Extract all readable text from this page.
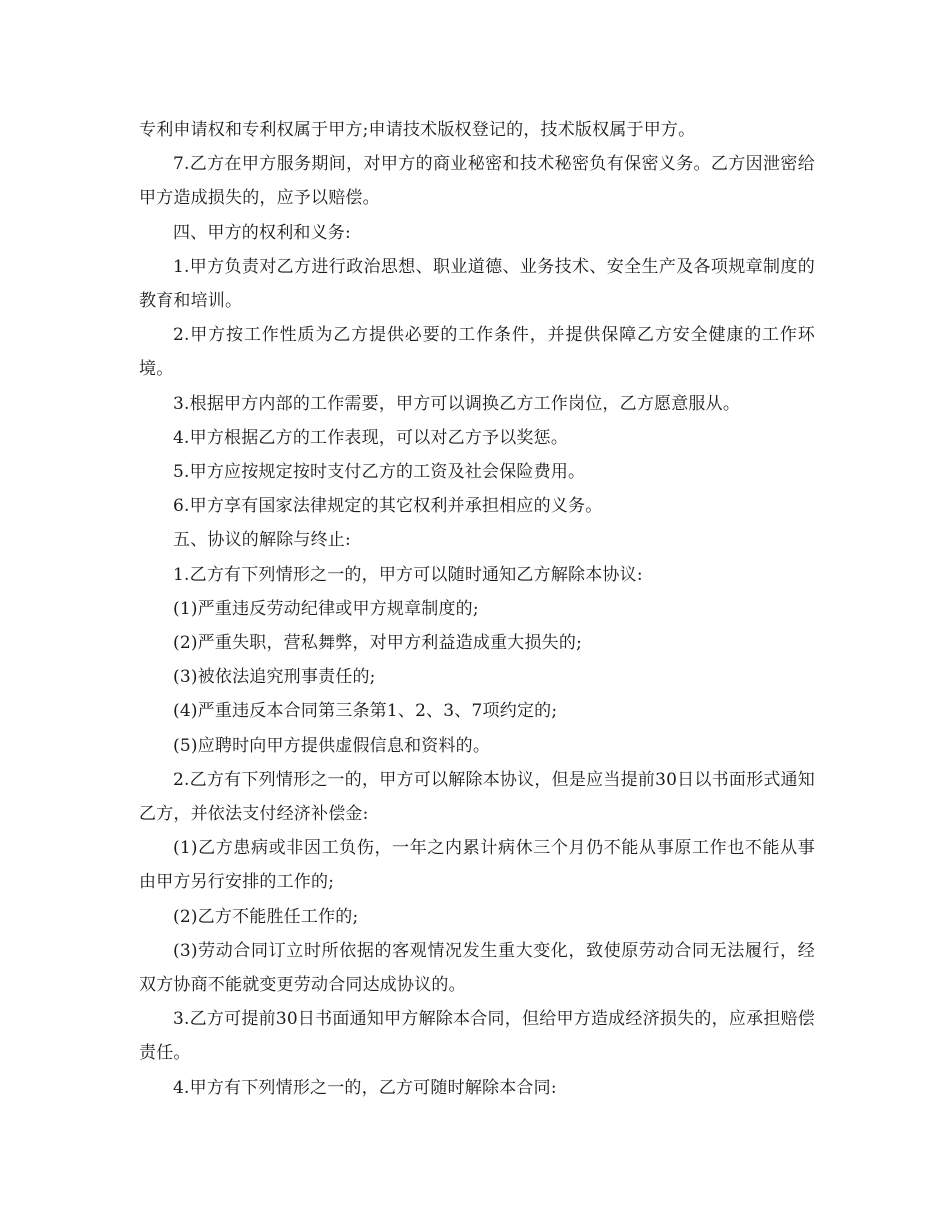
专利申请权和专利权属于甲方;申请技术版权登记的，技术版权属于甲方。

7.乙方在甲方服务期间，对甲方的商业秘密和技术秘密负有保密义务。乙方因泄密给甲方造成损失的，应予以赔偿。

四、甲方的权利和义务:

1.甲方负责对乙方进行政治思想、职业道德、业务技术、安全生产及各项规章制度的教育和培训。

2.甲方按工作性质为乙方提供必要的工作条件，并提供保障乙方安全健康的工作环境。

3.根据甲方内部的工作需要，甲方可以调换乙方工作岗位，乙方愿意服从。

4.甲方根据乙方的工作表现，可以对乙方予以奖惩。

5.甲方应按规定按时支付乙方的工资及社会保险费用。

6.甲方享有国家法律规定的其它权利并承担相应的义务。

五、协议的解除与终止:

1.乙方有下列情形之一的，甲方可以随时通知乙方解除本协议:

(1)严重违反劳动纪律或甲方规章制度的;

(2)严重失职，营私舞弊，对甲方利益造成重大损失的;

(3)被依法追究刑事责任的;

(4)严重违反本合同第三条第1、2、3、7项约定的;

(5)应聘时向甲方提供虚假信息和资料的。

2.乙方有下列情形之一的，甲方可以解除本协议，但是应当提前30日以书面形式通知乙方，并依法支付经济补偿金:

(1)乙方患病或非因工负伤，一年之内累计病休三个月仍不能从事原工作也不能从事由甲方另行安排的工作的;

(2)乙方不能胜任工作的;

(3)劳动合同订立时所依据的客观情况发生重大变化，致使原劳动合同无法履行，经双方协商不能就变更劳动合同达成协议的。

3.乙方可提前30日书面通知甲方解除本合同，但给甲方造成经济损失的，应承担赔偿责任。

4.甲方有下列情形之一的，乙方可随时解除本合同:
